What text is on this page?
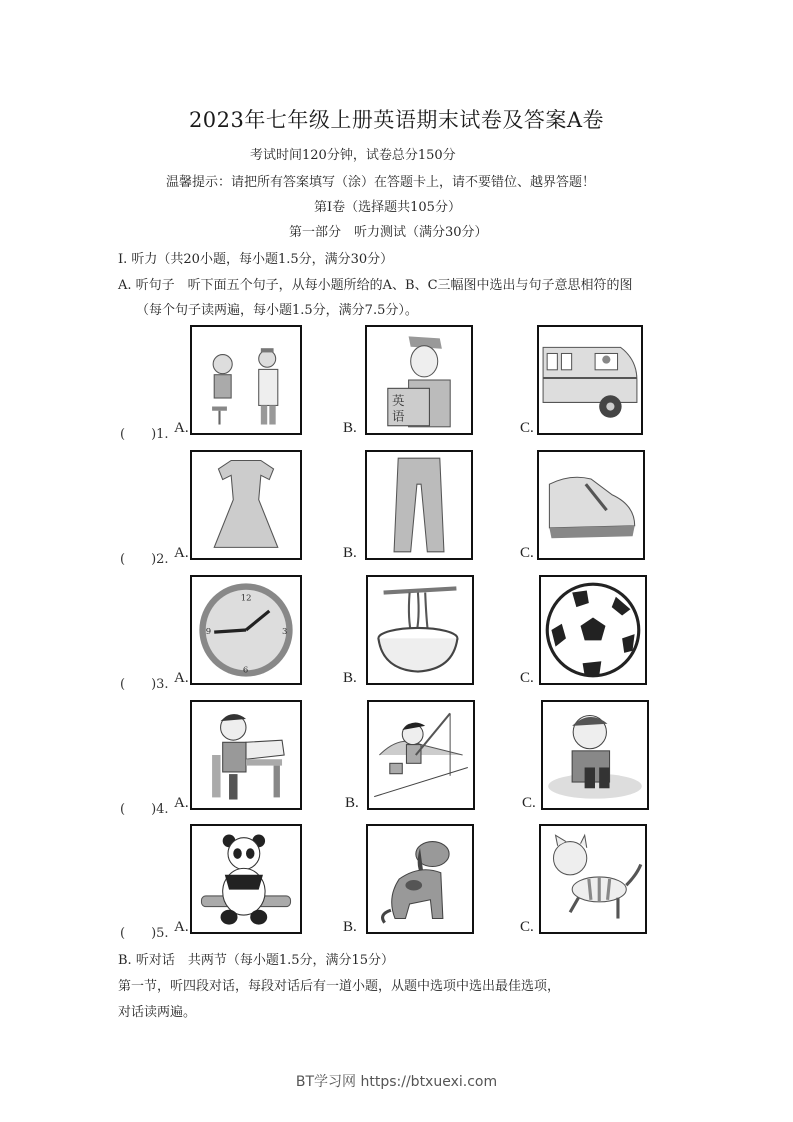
2023年七年级上册英语期末试卷及答案A卷
考试时间120分钟，试卷总分150分
温馨提示：请把所有答案填写（涂）在答题卡上，请不要错位、越界答题！
第Ⅰ卷（选择题共105分）
第一部分　听力测试（满分30分）
I. 听力（共20小题，每小题1.5分，满分30分）
A. 听句子　听下面五个句子，从每小题所给的A、B、C三幅图中选出与句子意思相符的图
（每个句子读两遍，每小题1.5分，满分7.5分）。
(　　)1. A.	B.
英
语
C.
(　　)2. A.	B.	C.
(　　)3. A.
12
3
6
9
B.	C.
(　　)4. A.	B.	C.
(　　)5. A.	B.	C.
B. 听对话　共两节（每小题1.5分，满分15分）
第一节，听四段对话，每段对话后有一道小题，从题中选项中选出最佳选项，
对话读两遍。
BT学习网 https://btxuexi.com
